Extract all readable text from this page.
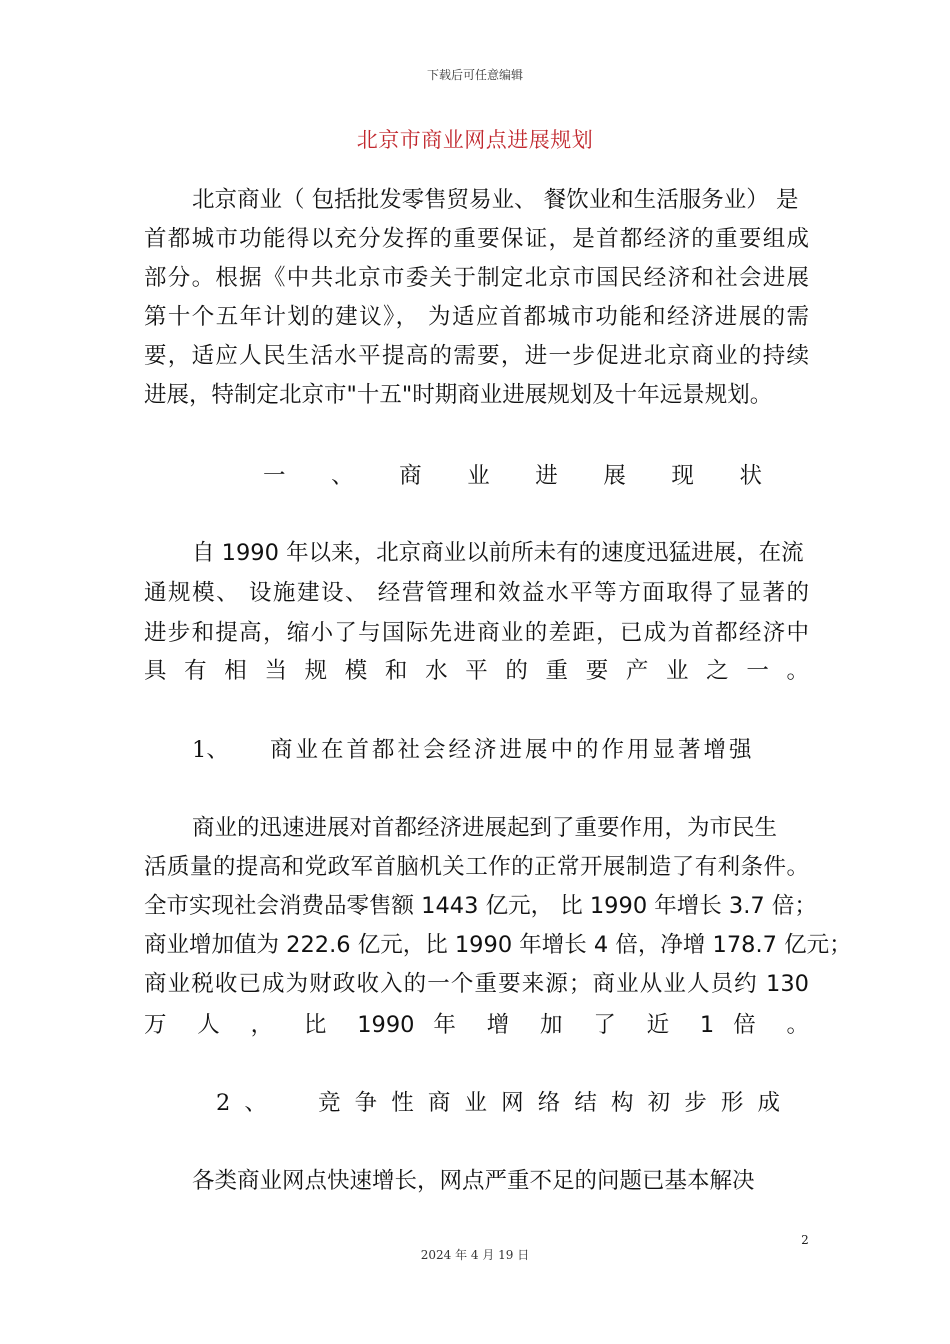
下载后可任意编辑
北京市商业网点进展规划
北京商业（ 包括批发零售贸易业、 餐饮业和生活服务业） 是
首都城市功能得以充分发挥的重要保证，是首都经济的重要组成
部分。根据《中共北京市委关于制定北京市国民经济和社会进展
第十个五年计划的建议》， 为适应首都城市功能和经济进展的需
要，适应人民生活水平提高的需要，进一步促进北京商业的持续
进展，特制定北京市"十五"时期商业进展规划及十年远景规划。
一 、 商 业 进 展 现 状
自 1990 年以来，北京商业以前所未有的速度迅猛进展，在流
通规模、 设施建设、 经营管理和效益水平等方面取得了显著的
进步和提高，缩小了与国际先进商业的差距，已成为首都经济中
具 有 相 当 规 模 和 水 平 的 重 要 产 业 之 一 。
1、 商业在首都社会经济进展中的作用显著增强
商业的迅速进展对首都经济进展起到了重要作用，为市民生
活质量的提高和党政军首脑机关工作的正常开展制造了有利条件。
全市实现社会消费品零售额 1443 亿元， 比 1990 年增长 3.7 倍；
商业增加值为 222.6 亿元，比 1990 年增长 4 倍，净增 178.7 亿元；
商业税收已成为财政收入的一个重要来源；商业从业人员约 130
万 人 ， 比 1990 年 增 加 了 近 1 倍 。
2、 竞 争 性 商 业 网 络 结 构 初 步 形 成
各类商业网点快速增长，网点严重不足的问题已基本解决
2
2024 年 4 月 19 日
